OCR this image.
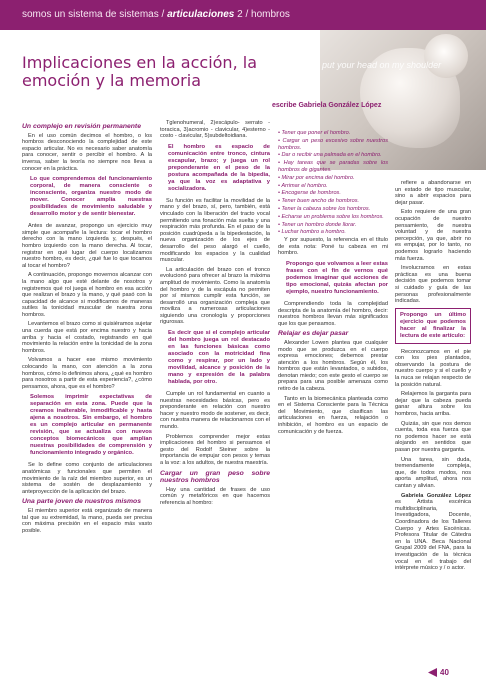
somos un sistema de sistemas / articulaciones 2 / hombros
put your head on my shoulder
Implicaciones en la acción, la emoción y la memoria
escribe Gabriela González López
Un complejo en revisión permanente

En el uso común decimos el hombro, o los hombros desconociendo la complejidad de este espacio articular. No es necesario saber anatomía para conocer, sentir o percibir el hombro. A la inversa, saber la teoría no siempre nos lleva a conocer en la práctica.

Lo que comprendemos del funcionamiento corporal, de manera consciente o inconsciente, organiza nuestro modo de mover. Conocer amplía nuestras posibilidades de movimiento saludable y desarrollo motor y de sentir bienestar.

Antes de avanzar, propongo un ejercicio muy simple que acompañe la lectura: tocar el hombro derecho con la mano izquierda y, después, el hombro izquierdo con la mano derecha. Al tocar, registrar en qué lugar del cuerpo localizamos nuestro hombro, es decir, ¿qué fue lo que tocamos al tocar el hombro?

A continuación, propongo movernos alcanzar con la mano algo que esté delante de nosotros y registremos qué rol juega el hombro en esa acción que realizan el brazo y la mano, y qué pasó con la capacidad de alcance si modificamos de maneras sutiles la tonicidad muscular de nuestra zona hombros.

Levantemos el brazo como si quisiéramos sujetar una cuerda que está por encima nuestro y hacia arriba y hacia el costado, registrando en qué movimiento la relación entre la tonicidad de la zona hombros.

Volvamos a hacer ese mismo movimiento colocando la mano, con atención a la zona hombros, cómo lo definimos ahora, ¿qué es hombro para nosotros a partir de esta experiencia?, ¿cómo pensamos, ahora, que es el hombro?

Solemos imprimir expectativas de separación en esta zona. Puede que la creamos inalterable, inmodificable y hasta ajena a nosotros. Sin embargo, el hombro es un complejo articular en permanente revisión, que se actualiza con nuevos conceptos biomecánicos que amplían nuestras posibilidades de comprensión y funcionamiento integrado y orgánico.

Se lo define como conjunto de articulaciones anatómicas y funcionales que permiten el movimiento de la raíz del miembro superior, es un sistema de sostén de desplazamiento y anteproyección de la aplicación del brazo.

Una parte joven de nuestros mismos

El miembro superior está organizado de manera tal que su extremidad, la mano, pueda ser precisa con máxima precisión en el espacio más vasto posible.

Tglenohumeral, 2)escápulo- serrato -toracica, 3)acromio - clavicular, 4)esterno - costo - clavicular, 5)subdeltoidiana.

El hombro es espacio de comunicación entre tronco, cintura escapular, brazo; y juega un rol preponderante en el peso de la postura acompañada de la bipedia, ya que la voz es adaptativa y socializadora.

Su función es facilitar la movilidad de la mano y del brazo, sí, pero, también, está vinculado con la liberación del tracto vocal permitiendo una fonación más suelta y una respiración más profunda. En el paso de la posición cuadrúpeda a la bipedestación, la nueva organización de los ejes de desarrollo del peso alargó el cuello, modificando los espacios y la cualidad muscular.

La articulación del brazo con el tronco evolucionó para ofrecer al brazo la máxima amplitud de movimiento. Como la anatomía del hombro y de la escápula no permiten por sí mismos cumplir esta función, se desarrolló una organización compleja que moviliza a numerosas articulaciones siguiendo una cronología y proporciones rigurosas.

Es decir que si el complejo articular del hombro juega un rol destacado en las funciones básicas como asociado con la motricidad fina como y respirar, por un lado y movilidad, alcance y posición de la mano y expresión de la palabra hablada, por otro.

Cumple un rol fundamental en cuanto a nuestras necesidades básicas, pero es preponderante en relación con nuestro hacer y nuestro modo de sostener, es decir, con nuestra manera de relacionarnos con el mundo.

Problemos comprender mejor estas implicaciones del hombro si pensamos el gesto del Rodolf Steiner sobre la importancia de empujar con pesos y temas a la voz: a los adultos, de nuestra maestría.

Cargar un gran peso sobre nuestros hombros

Hay una cantidad de frases de uso común y metafóricos en que hacemos referencia al hombro:

• Tener que poner el hombro.
• Cargar un peso excesivo sobre nuestros hombros.
• Dar o recibir una palmada en el hombro.
• Hay tareas que se paradas sobre los hombros de gigantes.
• Mirar por encima del hombro.
• Arrimar el hombro.
• Encogerse de hombros.
• Tener buen ancho de hombros.
• Tener la cabeza sobre los hombros.
• Echarse un problema sobre los hombros.
• Tener un hombro donde llorar.
• Luchar hombro a hombro.

Y por supuesto, la referencia en el título de esta nota: Poné tu cabeza en mi hombro.

Propongo que volvamos a leer estas frases con el fin de vernos qué podemos imaginar qué acciones de tipo emocional, quizás afectan por ejemplo, nuestro funcionamiento.

Comprendiendo toda la complejidad descripta de la anatomía del hombro, decir: nuestros hombros llevan más significados que los que pensamos.

Relajar es dejar pasar

Alexander Lowen plantea que cualquier modo que se produzca en el cuerpo expresa emociones; debemos prestar atención a los hombros. Según él, los hombros que están levantados, o subidos, denotan miedo; con este gesto el cuerpo se prepara para una posible amenaza como retiro de la cabeza.

Tanto en la biomecánica planteada como en el Sistema Consciente para la Técnica del Movimiento, que clasifican las articulaciones en fuerza, relajación o inhibición, el hombro es un espacio de comunicación y de fuerza.

refiere a abandonarse en un estado de tipo muscular, sino a abrir espacios para dejar pasar.

Esto requiere de una gran ocupación de nuestro pensamiento, de nuestra voluntad y de nuestra percepción, ya que, abrir no es empujar, por lo tanto, no podemos lograrlo haciendo más fuerza.

Involucrarnos en estas prácticas es una buena decisión que podemos tomar si cuidado y guía de las personas profesionalmente indicadas.

Propongo un último ejercicio que podemos hacer al finalizar la lectura de este artículo:

Reconozcamos en el pie con los pies plantados, observando la postura de nuestro cuerpo y si el cuello y la nuca se relajan respecto de la posición natural.

Relajemos la garganta para dejar que la cabeza pueda ganar altura sobre los hombros, hacia arriba.

Quizás, sin que nos demos cuenta, toda esa fuerza que no podemos hacer se está alojando en sentidos que pasan por nuestra garganta.

Una tarea, sin duda, tremendamente compleja, que, de todos modos, nos aporta amplitud, ahora nos cantan y alivian.

Gabriela González López es Artista escénica multidisciplinaria, Investigadora, Docente, Coordinadora de los Talleres Cuerpo y Artes Escénicas. Profesora Titular de Cátedra en la UNA. Beca Nacional Grupal 2009 del FNA, para la investigación de la técnica vocal en el trabajo del intérprete músico y / o actor.

40
